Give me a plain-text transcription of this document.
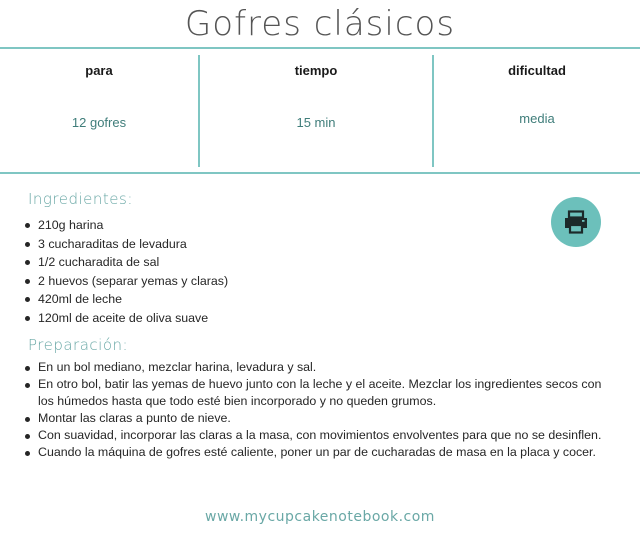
Gofres clásicos
para
12 gofres
tiempo
15 min
dificultad
media
Ingredientes:
210g harina
3 cucharaditas de levadura
1/2 cucharadita de sal
2 huevos (separar yemas y claras)
420ml de leche
120ml de aceite de oliva suave
Preparación:
En un bol mediano, mezclar harina, levadura y sal.
En otro bol, batir las yemas de huevo junto con la leche y el aceite. Mezclar los ingredientes secos con los húmedos hasta que todo esté bien incorporado y no queden grumos.
Montar las claras a punto de nieve.
Con suavidad, incorporar las claras a la masa, con movimientos envolventes para que no se desinflen.
Cuando la máquina de gofres esté caliente, poner un par de cucharadas de masa en la placa y cocer.
www.mycupcakenotebook.com
